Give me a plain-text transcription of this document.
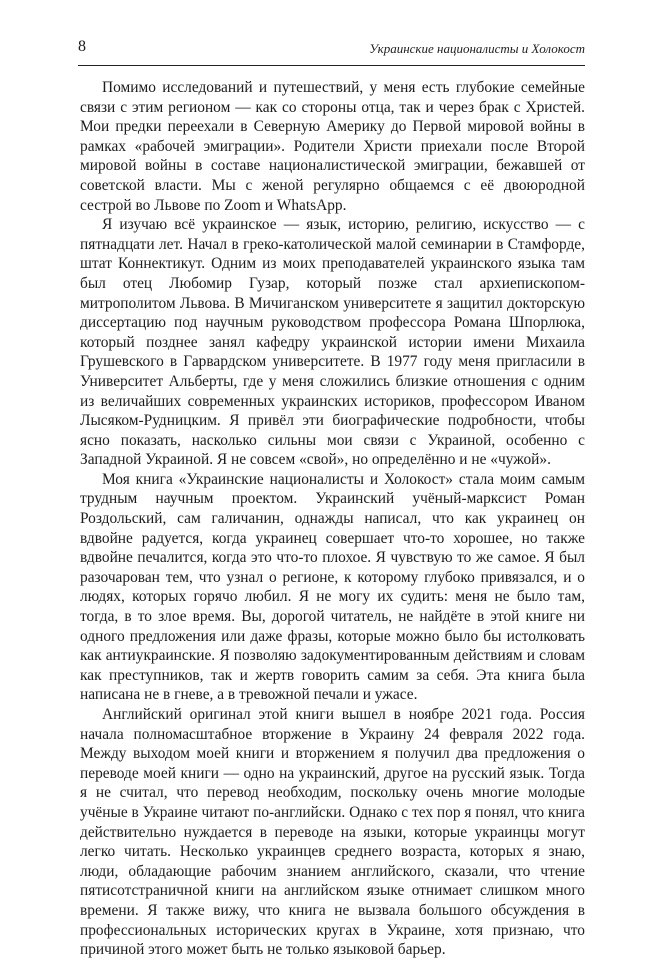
8	Украинские националисты и Холокост

Помимо исследований и путешествий, у меня есть глубокие семейные связи с этим регионом — как со стороны отца, так и через брак с Христей. Мои предки переехали в Северную Америку до Первой мировой войны в рамках «рабочей эмиграции». Родители Христи приехали после Второй мировой войны в составе националистической эмиграции, бежавшей от советской власти. Мы с женой регулярно общаемся с её двоюродной сестрой во Львове по Zoom и WhatsApp.

Я изучаю всё украинское — язык, историю, религию, искусство — с пятнадцати лет. Начал в греко-католической малой семинарии в Стамфорде, штат Коннектикут. Одним из моих преподавателей украинского языка там был отец Любомир Гузар, который позже стал архиепископом-митрополитом Львова. В Мичиганском университете я защитил докторскую диссертацию под научным руководством профессора Романа Шпорлюка, который позднее занял кафедру украинской истории имени Михаила Грушевского в Гарвардском университете. В 1977 году меня пригласили в Университет Альберты, где у меня сложились близкие отношения с одним из величайших современных украинских историков, профессором Иваном Лысяком-Рудницким. Я привёл эти биографические подробности, чтобы ясно показать, насколько сильны мои связи с Украиной, особенно с Западной Украиной. Я не совсем «свой», но определённо и не «чужой».

Моя книга «Украинские националисты и Холокост» стала моим самым трудным научным проектом. Украинский учёный-марксист Роман Роздольский, сам галичанин, однажды написал, что как украинец он вдвойне радуется, когда украинец совершает что-то хорошее, но также вдвойне печалится, когда это что-то плохое. Я чувствую то же самое. Я был разочарован тем, что узнал о регионе, к которому глубоко привязался, и о людях, которых горячо любил. Я не могу их судить: меня не было там, тогда, в то злое время. Вы, дорогой читатель, не найдёте в этой книге ни одного предложения или даже фразы, которые можно было бы истолковать как антиукраинские. Я позволяю задокументированным действиям и словам как преступников, так и жертв говорить самим за себя. Эта книга была написана не в гневе, а в тревожной печали и ужасе.

Английский оригинал этой книги вышел в ноябре 2021 года. Россия начала полномасштабное вторжение в Украину 24 февраля 2022 года. Между выходом моей книги и вторжением я получил два предложения о переводе моей книги — одно на украинский, другое на русский язык. Тогда я не считал, что перевод необходим, поскольку очень многие молодые учёные в Украине читают по-английски. Однако с тех пор я понял, что книга действительно нуждается в переводе на языки, которые украинцы могут легко читать. Несколько украинцев среднего возраста, которых я знаю, люди, обладающие рабочим знанием английского, сказали, что чтение пятисотстраничной книги на английском языке отнимает слишком много времени. Я также вижу, что книга не вызвала большого обсуждения в профессиональных исторических кругах в Украине, хотя признаю, что причиной этого может быть не только языковой барьер.
